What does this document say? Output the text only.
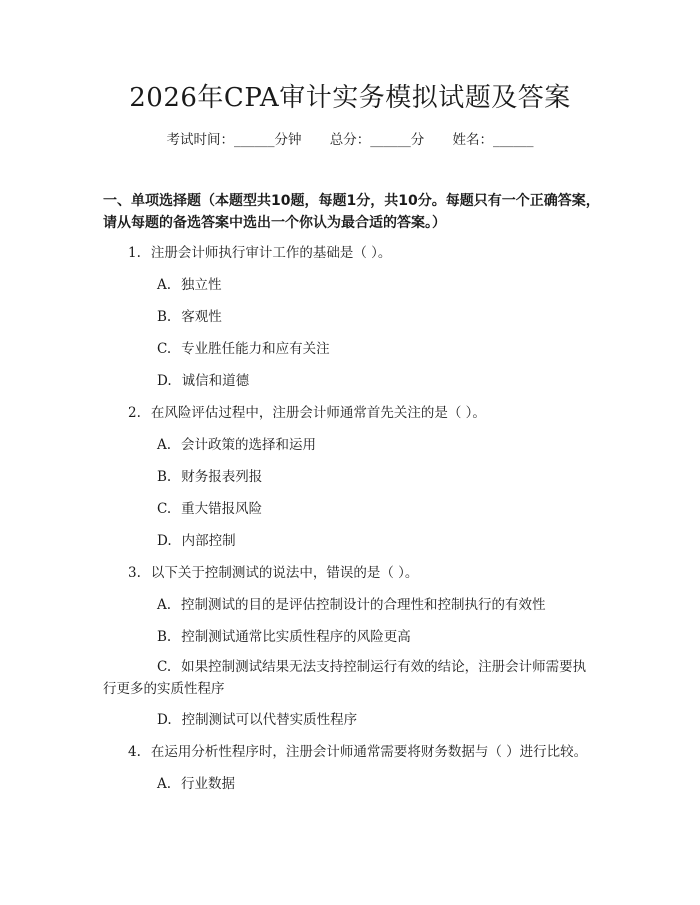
2026年CPA审计实务模拟试题及答案
考试时间：______分钟 总分：______分 姓名：______
一、单项选择题（本题型共10题，每题1分，共10分。每题只有一个正确答案，请从每题的备选答案中选出一个你认为最合适的答案。）
1. 注册会计师执行审计工作的基础是（ ）。
A. 独立性
B. 客观性
C. 专业胜任能力和应有关注
D. 诚信和道德
2. 在风险评估过程中，注册会计师通常首先关注的是（ ）。
A. 会计政策的选择和运用
B. 财务报表列报
C. 重大错报风险
D. 内部控制
3. 以下关于控制测试的说法中，错误的是（ ）。
A. 控制测试的目的是评估控制设计的合理性和控制执行的有效性
B. 控制测试通常比实质性程序的风险更高
C. 如果控制测试结果无法支持控制运行有效的结论，注册会计师需要执行更多的实质性程序
D. 控制测试可以代替实质性程序
4. 在运用分析性程序时，注册会计师通常需要将财务数据与（ ）进行比较。
A. 行业数据
